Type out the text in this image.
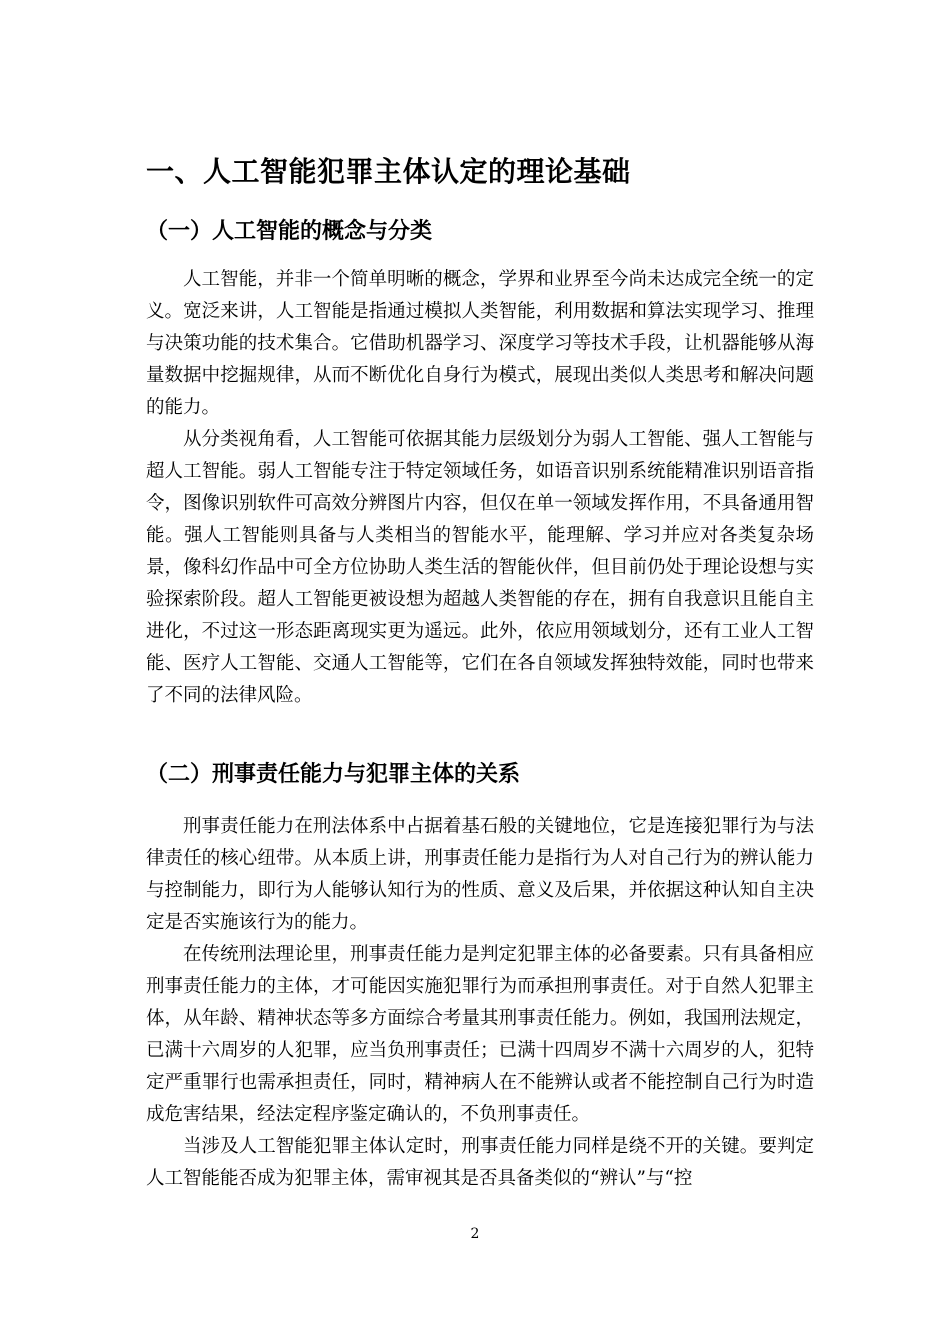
一、人工智能犯罪主体认定的理论基础
（一）人工智能的概念与分类

人工智能，并非一个简单明晰的概念，学界和业界至今尚未达成完全统一的定义。宽泛来讲，人工智能是指通过模拟人类智能，利用数据和算法实现学习、推理与决策功能的技术集合。它借助机器学习、深度学习等技术手段，让机器能够从海量数据中挖掘规律，从而不断优化自身行为模式，展现出类似人类思考和解决问题的能力。

从分类视角看，人工智能可依据其能力层级划分为弱人工智能、强人工智能与超人工智能。弱人工智能专注于特定领域任务，如语音识别系统能精准识别语音指令，图像识别软件可高效分辨图片内容，但仅在单一领域发挥作用，不具备通用智能。强人工智能则具备与人类相当的智能水平，能理解、学习并应对各类复杂场景，像科幻作品中可全方位协助人类生活的智能伙伴，但目前仍处于理论设想与实验探索阶段。超人工智能更被设想为超越人类智能的存在，拥有自我意识且能自主进化，不过这一形态距离现实更为遥远。此外，依应用领域划分，还有工业人工智能、医疗人工智能、交通人工智能等，它们在各自领域发挥独特效能，同时也带来了不同的法律风险。

（二）刑事责任能力与犯罪主体的关系

刑事责任能力在刑法体系中占据着基石般的关键地位，它是连接犯罪行为与法律责任的核心纽带。从本质上讲，刑事责任能力是指行为人对自己行为的辨认能力与控制能力，即行为人能够认知行为的性质、意义及后果，并依据这种认知自主决定是否实施该行为的能力。

在传统刑法理论里，刑事责任能力是判定犯罪主体的必备要素。只有具备相应刑事责任能力的主体，才可能因实施犯罪行为而承担刑事责任。对于自然人犯罪主体，从年龄、精神状态等多方面综合考量其刑事责任能力。例如，我国刑法规定，已满十六周岁的人犯罪，应当负刑事责任；已满十四周岁不满十六周岁的人，犯特定严重罪行也需承担责任，同时，精神病人在不能辨认或者不能控制自己行为时造成危害结果，经法定程序鉴定确认的，不负刑事责任。

当涉及人工智能犯罪主体认定时，刑事责任能力同样是绕不开的关键。要判定人工智能能否成为犯罪主体，需审视其是否具备类似的“辨认”与“控

2
